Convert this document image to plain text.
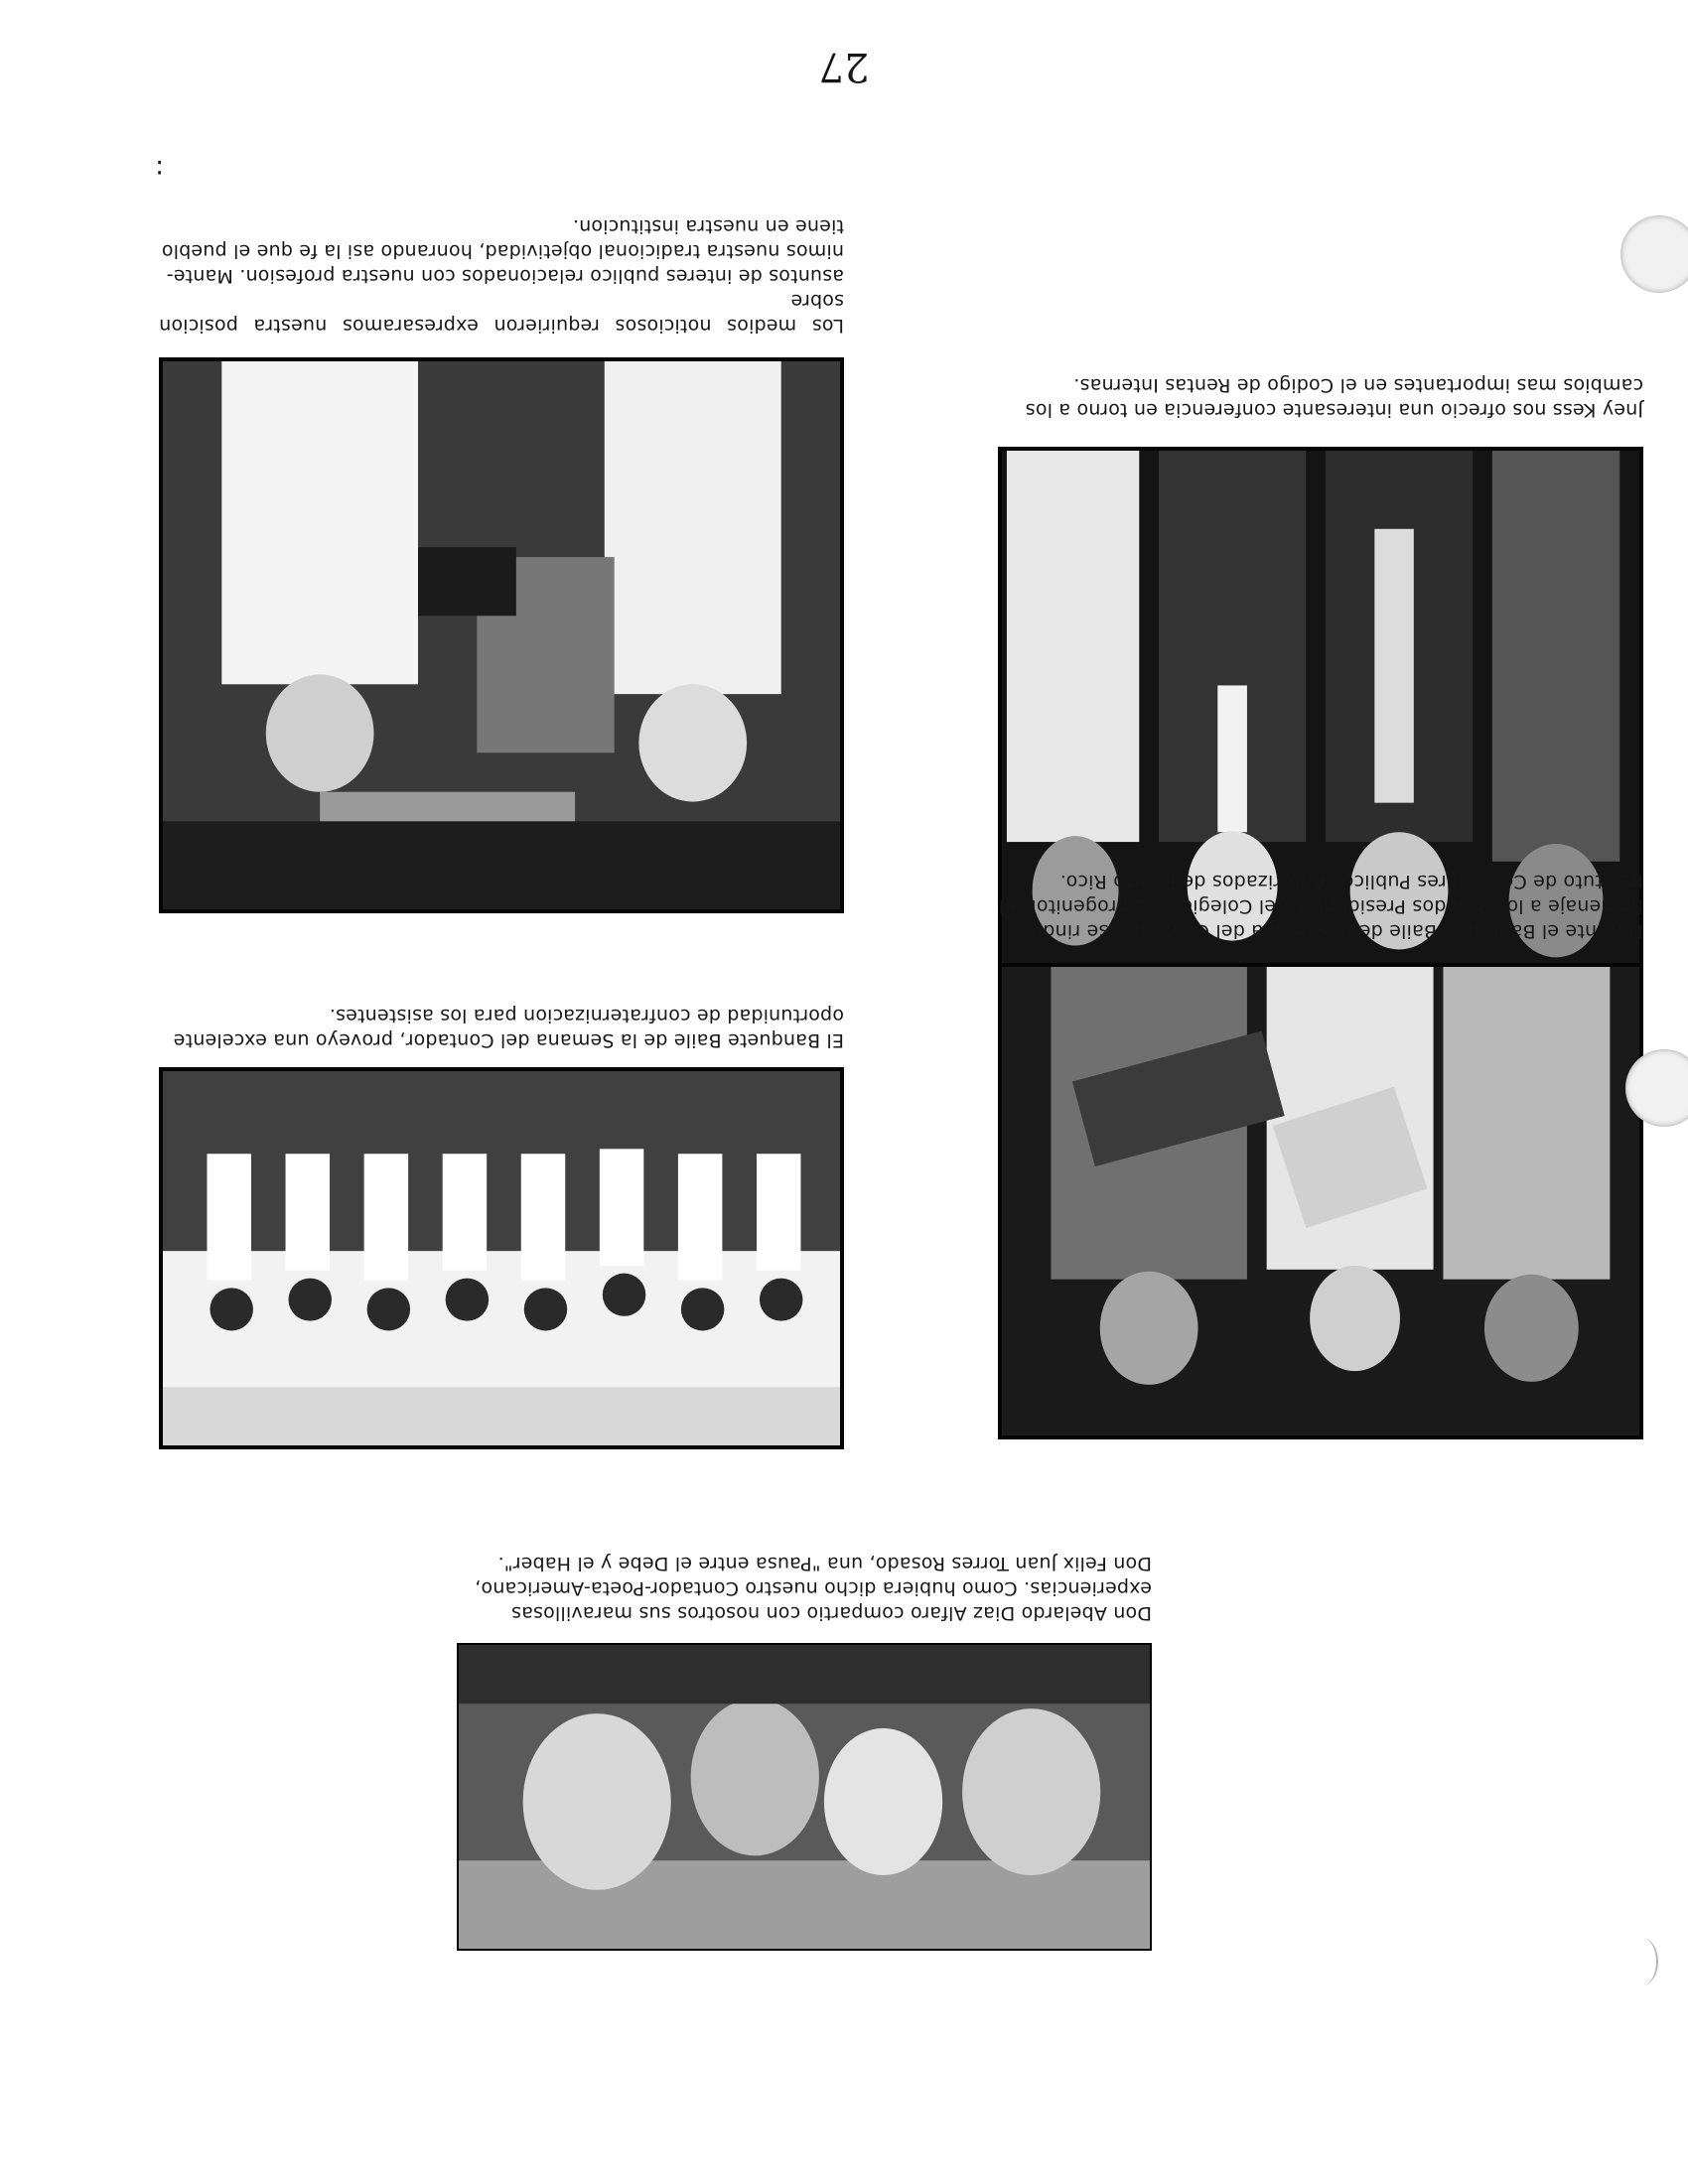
27

Jney Kess nos ofrecio una interesante conferencia en torno a los
cambios mas importantes en el Codigo de Rentas Internas.

Los medios noticiosos requirieron expresaramos nuestra posicion sobre
asuntos de interes publico relacionados con nuestra profesion. Mante-
nimos nuestra tradicional objetividad, honrando asi la fe que el pueblo
tiene en nuestra institucion.

Durante el Banquete Baile de la Semana del Contador, se rindio
homenaje a los Pasados Presidentes del Colegio y su progenitor, el
Instituto de Contadores Publicos Autorizados de Puerto Rico.

El Banquete Baile de la Semana del Contador, proveyo una excelente
oportunidad de confraternizacion para los asistentes.

Don Abelardo Diaz Alfaro compartio con nosotros sus maravillosas
experiencias. Como hubiera dicho nuestro Contador-Poeta-Americano,
Don Felix Juan Torres Rosado, una "Pausa entre el Debe y el Haber".

:
